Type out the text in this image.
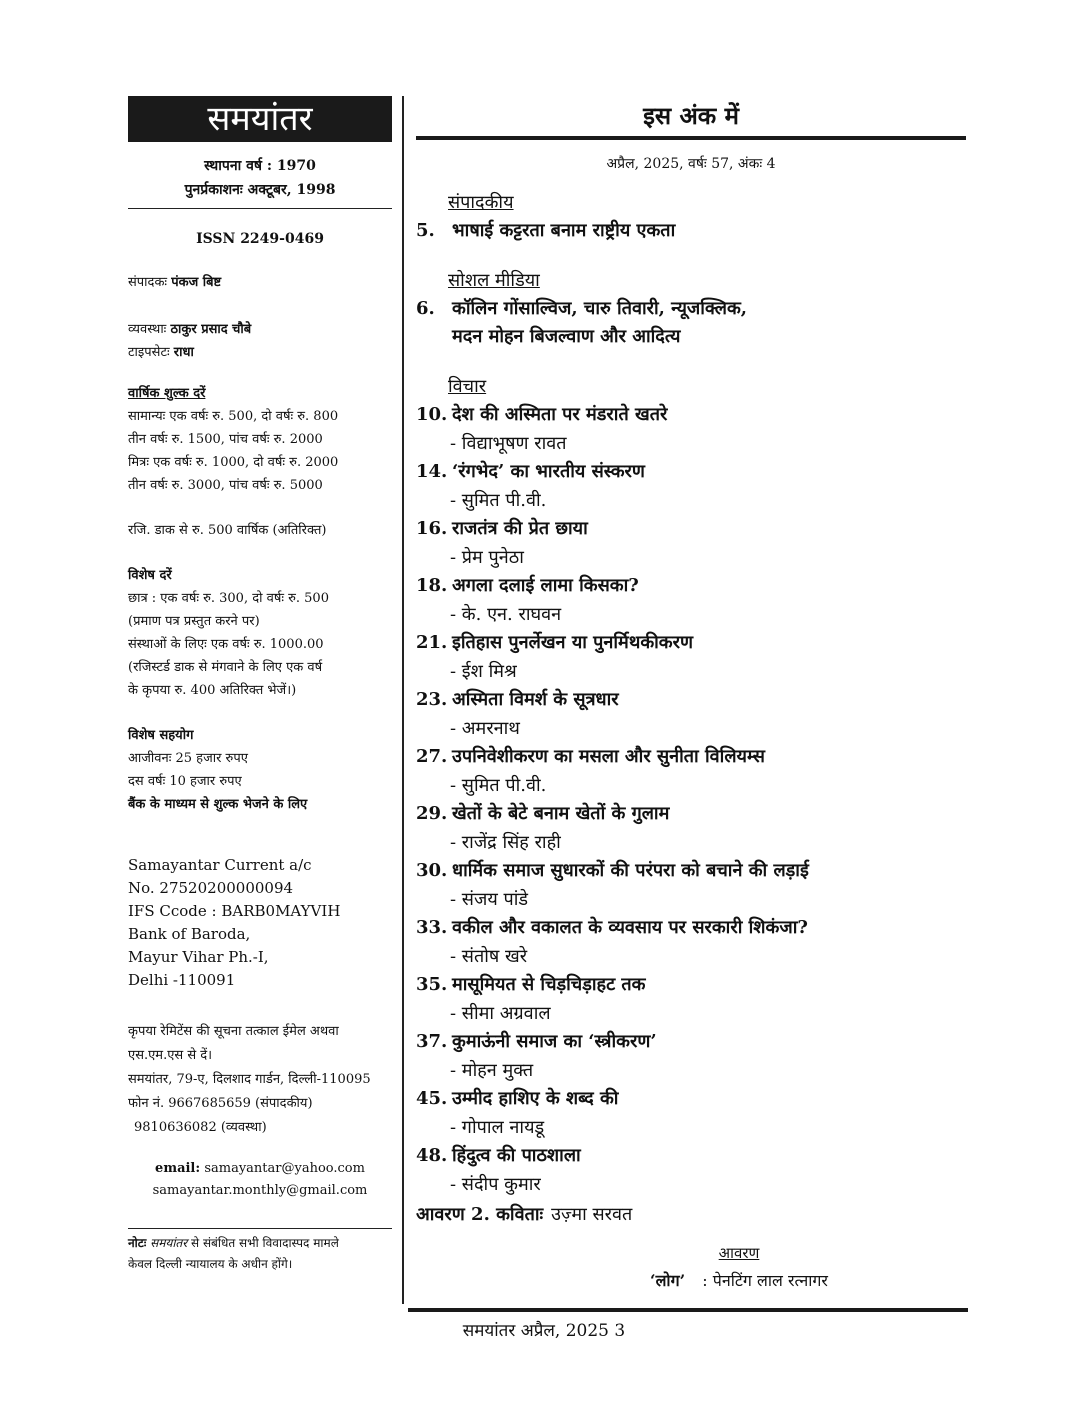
समयांतर
स्थापना वर्ष : 1970
पुनर्प्रकाशनः अक्टूबर, 1998
ISSN 2249-0469
संपादकः पंकज बिष्ट
व्यवस्थाः ठाकुर प्रसाद चौबे
टाइपसेटः राधा
वार्षिक शुल्क दरें
सामान्यः एक वर्षः रु. 500, दो वर्षः रु. 800
तीन वर्षः रु. 1500, पांच वर्षः रु. 2000
मित्रः एक वर्षः रु. 1000, दो वर्षः रु. 2000
तीन वर्षः रु. 3000, पांच वर्षः रु. 5000
रजि. डाक से रु. 500 वार्षिक (अतिरिक्त)
विशेष दरें
छात्र : एक वर्षः रु. 300, दो वर्षः रु. 500
(प्रमाण पत्र प्रस्तुत करने पर)
संस्थाओं के लिएः एक वर्षः रु. 1000.00
(रजिस्टर्ड डाक से मंगवाने के लिए एक वर्ष
के कृपया रु. 400 अतिरिक्त भेजें।)
विशेष सहयोग
आजीवनः 25 हजार रुपए
दस वर्षः 10 हजार रुपए
बैंक के माध्यम से शुल्क भेजने के लिए
Samayantar Current a/c
No. 27520200000094
IFS Ccode : BARB0MAYVIH
Bank of Baroda,
Mayur Vihar Ph.-I,
Delhi -110091
कृपया रेमिटेंस की सूचना तत्काल ईमेल अथवा
एस.एम.एस से दें।
समयांतर, 79-ए, दिलशाद गार्डन, दिल्ली-110095
फोन नं. 9667685659 (संपादकीय)
9810636082 (व्यवस्था)
email: samayantar@yahoo.com
samayantar.monthly@gmail.com
नोटः समयांतर से संबंधित सभी विवादास्पद मामले
केवल दिल्ली न्यायालय के अधीन होंगे।
इस अंक में
अप्रैल, 2025, वर्षः 57, अंकः 4
संपादकीय
5. भाषाई कट्टरता बनाम राष्ट्रीय एकता
सोशल मीडिया
6. कॉलिन गोंसाल्विज, चारु तिवारी, न्यूजक्लिक,
मदन मोहन बिजल्वाण और आदित्य
विचार
10. देश की अस्मिता पर मंडराते खतरे
- विद्याभूषण रावत
14. ‘रंगभेद’ का भारतीय संस्करण
- सुमित पी.वी.
16. राजतंत्र की प्रेत छाया
- प्रेम पुनेठा
18. अगला दलाई लामा किसका?
- के. एन. राघवन
21. इतिहास पुनर्लेखन या पुनर्मिथकीकरण
- ईश मिश्र
23. अस्मिता विमर्श के सूत्रधार
- अमरनाथ
27. उपनिवेशीकरण का मसला और सुनीता विलियम्स
- सुमित पी.वी.
29. खेतों के बेटे बनाम खेतों के गुलाम
- राजेंद्र सिंह राही
30. धार्मिक समाज सुधारकों की परंपरा को बचाने की लड़ाई
- संजय पांडे
33. वकील और वकालत के व्यवसाय पर सरकारी शिकंजा?
- संतोष खरे
35. मासूमियत से चिड़चिड़ाहट तक
- सीमा अग्रवाल
37. कुमाऊंनी समाज का ‘स्त्रीकरण’
- मोहन मुक्त
45. उम्मीद हाशिए के शब्द की
- गोपाल नायडू
48. हिंदुत्व की पाठशाला
- संदीप कुमार
आवरण 2. कविताः उज़्मा सरवत
आवरण
‘लोग’ : पेनटिंग लाल रत्नागर
समयांतर अप्रैल, 2025 3
